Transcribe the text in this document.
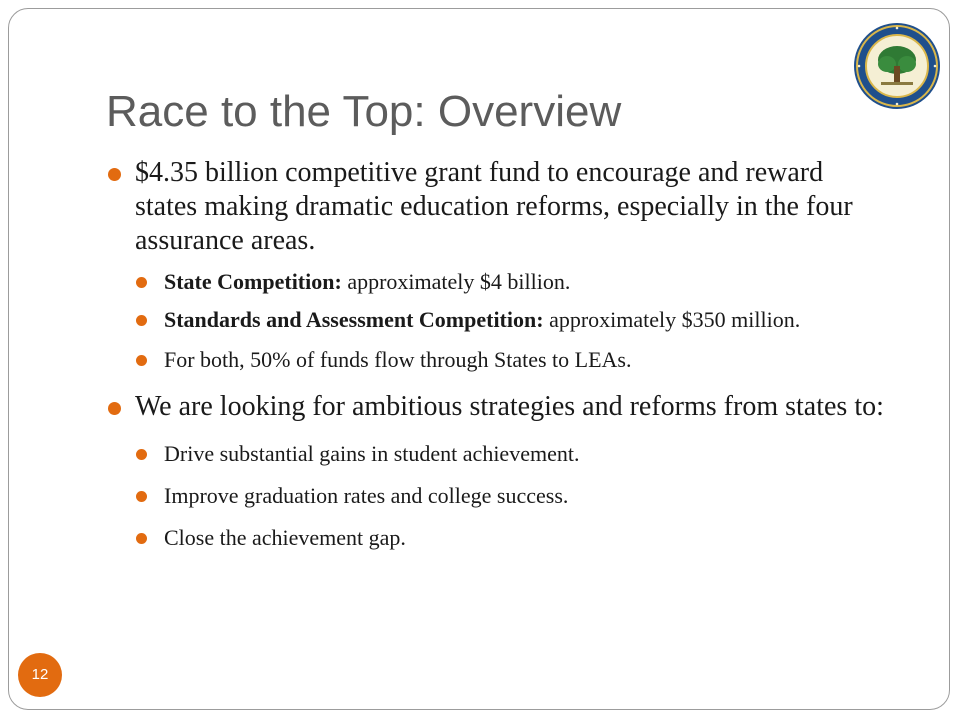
Race to the Top: Overview
$4.35 billion competitive grant fund to encourage and reward states making dramatic education reforms, especially in the four assurance areas.
State Competition: approximately $4 billion.
Standards and Assessment Competition: approximately $350 million.
For both, 50% of funds flow through States to LEAs.
We are looking for ambitious strategies and reforms from states to:
Drive substantial gains in student achievement.
Improve graduation rates and college success.
Close the achievement gap.
12
